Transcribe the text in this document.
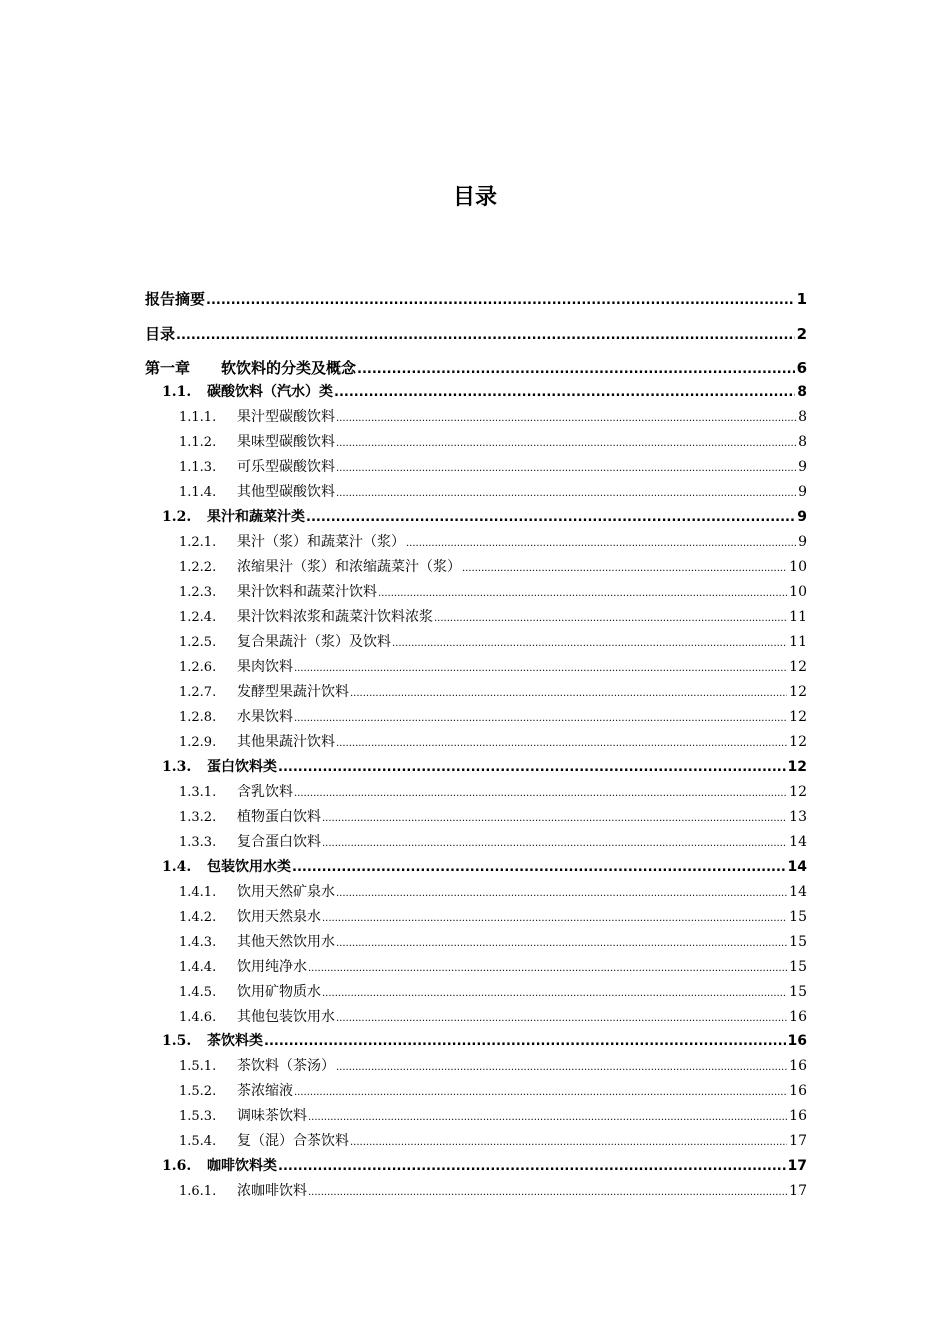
目录
报告摘要 .....	1
目录 .....	2
第一章	软饮料的分类及概念 .....	6
1.1.	碳酸饮料（汽水）类 .....	8
1.1.1.	果汁型碳酸饮料 .....	8
1.1.2.	果味型碳酸饮料 .....	8
1.1.3.	可乐型碳酸饮料 .....	9
1.1.4.	其他型碳酸饮料 .....	9
1.2.	果汁和蔬菜汁类 .....	9
1.2.1.	果汁（浆）和蔬菜汁（浆） .....	9
1.2.2.	浓缩果汁（浆）和浓缩蔬菜汁（浆） .....	10
1.2.3.	果汁饮料和蔬菜汁饮料 .....	10
1.2.4.	果汁饮料浓浆和蔬菜汁饮料浓浆 .....	11
1.2.5.	复合果蔬汁（浆）及饮料 .....	11
1.2.6.	果肉饮料 .....	12
1.2.7.	发酵型果蔬汁饮料 .....	12
1.2.8.	水果饮料 .....	12
1.2.9.	其他果蔬汁饮料 .....	12
1.3.	蛋白饮料类 .....	12
1.3.1.	含乳饮料 .....	12
1.3.2.	植物蛋白饮料 .....	13
1.3.3.	复合蛋白饮料 .....	14
1.4.	包装饮用水类 .....	14
1.4.1.	饮用天然矿泉水 .....	14
1.4.2.	饮用天然泉水 .....	15
1.4.3.	其他天然饮用水 .....	15
1.4.4.	饮用纯净水 .....	15
1.4.5.	饮用矿物质水 .....	15
1.4.6.	其他包装饮用水 .....	16
1.5.	茶饮料类 .....	16
1.5.1.	茶饮料（茶汤） .....	16
1.5.2.	茶浓缩液 .....	16
1.5.3.	调味茶饮料 .....	16
1.5.4.	复（混）合茶饮料 .....	17
1.6.	咖啡饮料类 .....	17
1.6.1.	浓咖啡饮料 .....	17
